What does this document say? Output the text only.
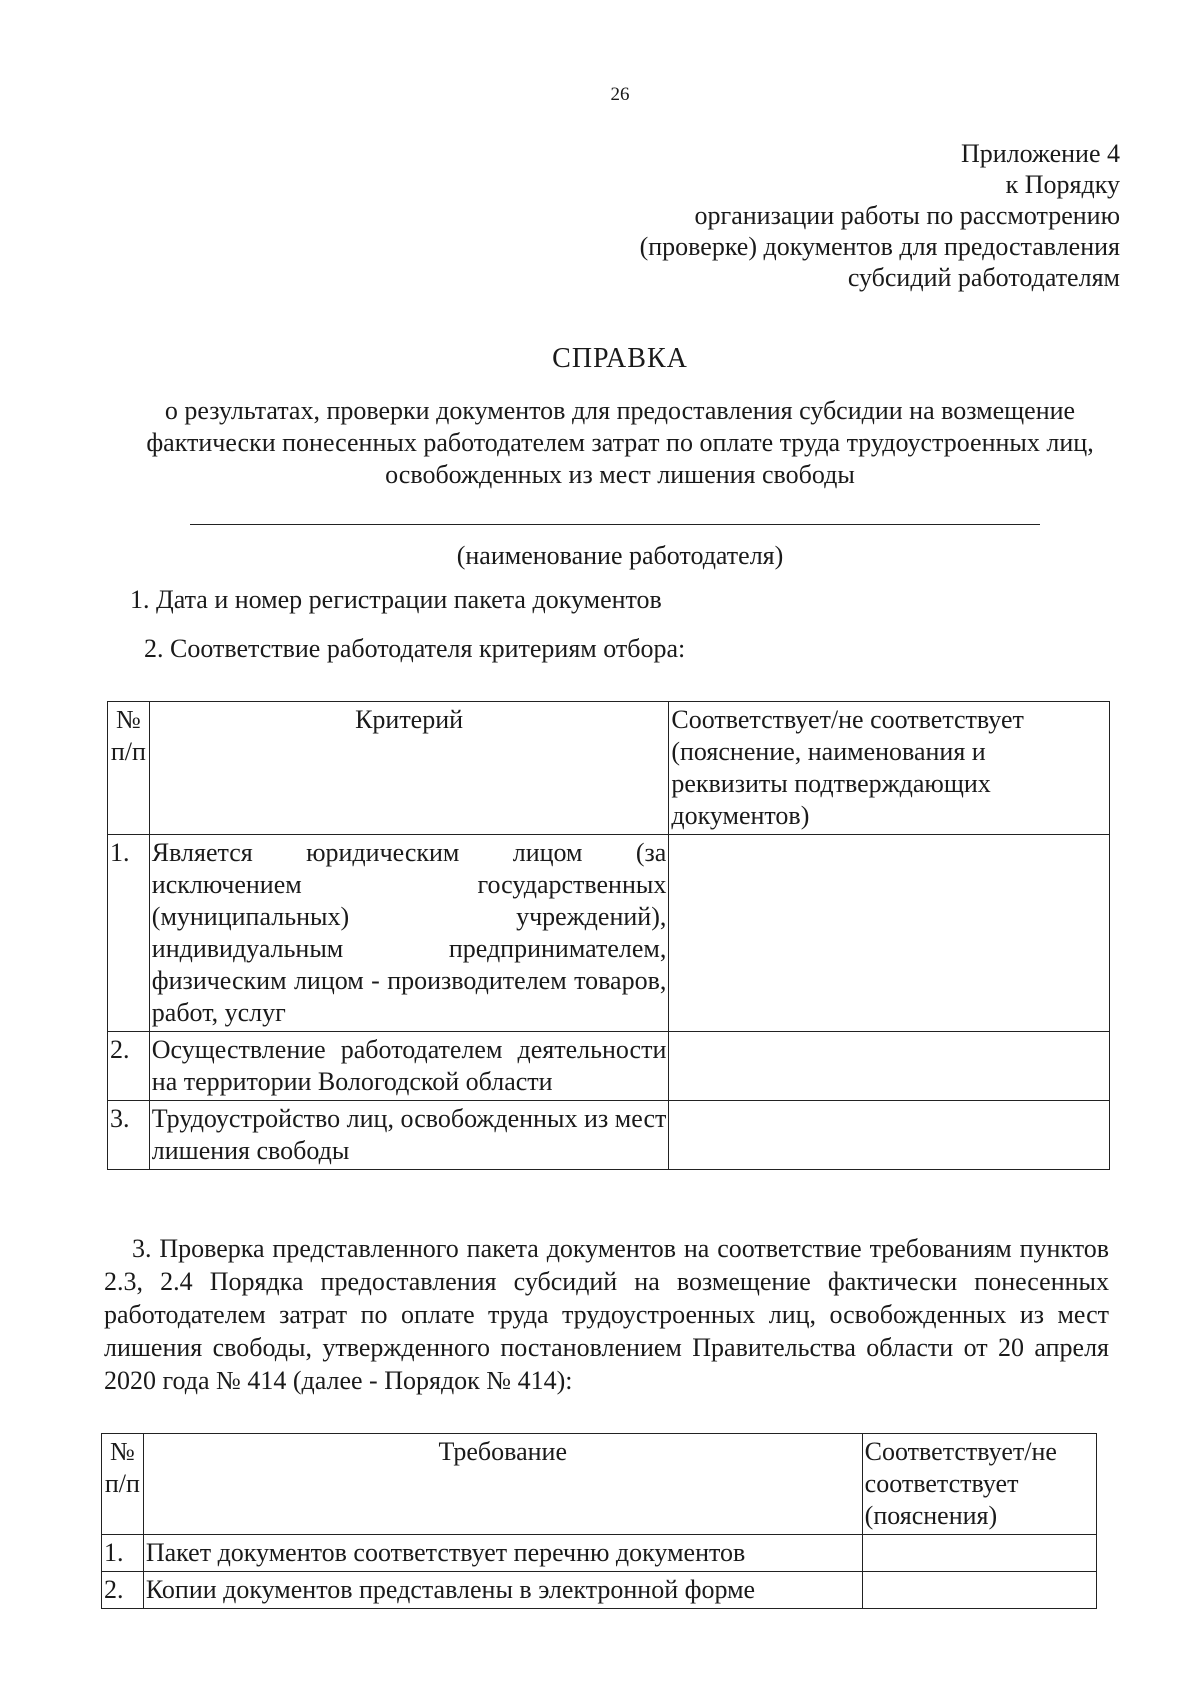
26
Приложение 4
к Порядку
организации работы по рассмотрению
(проверке) документов для предоставления
субсидий работодателям
СПРАВКА
о результатах, проверки документов для предоставления субсидии на возмещение фактически понесенных работодателем затрат по оплате труда трудоустроенных лиц, освобожденных из мест лишения свободы
(наименование работодателя)
1. Дата и номер регистрации пакета документов
2. Соответствие работодателя критериям отбора:
№ п/п	Критерий	Соответствует/не соответствует (пояснение, наименования и реквизиты подтверждающих документов)
1.	Является юридическим лицом (за исключением государственных (муниципальных) учреждений), индивидуальным предпринимателем, физическим лицом - производителем товаров, работ, услуг	
2.	Осуществление работодателем деятельности на территории Вологодской области	
3.	Трудоустройство лиц, освобожденных из мест лишения свободы	
3. Проверка представленного пакета документов на соответствие требованиям пунктов 2.3, 2.4 Порядка предоставления субсидий на возмещение фактически понесенных работодателем затрат по оплате труда трудоустроенных лиц, освобожденных из мест лишения свободы, утвержденного постановлением Правительства области от 20 апреля 2020 года № 414 (далее - Порядок № 414):
№ п/п	Требование	Соответствует/не соответствует (пояснения)
1.	Пакет документов соответствует перечню документов	
2.	Копии документов представлены в электронной форме	
